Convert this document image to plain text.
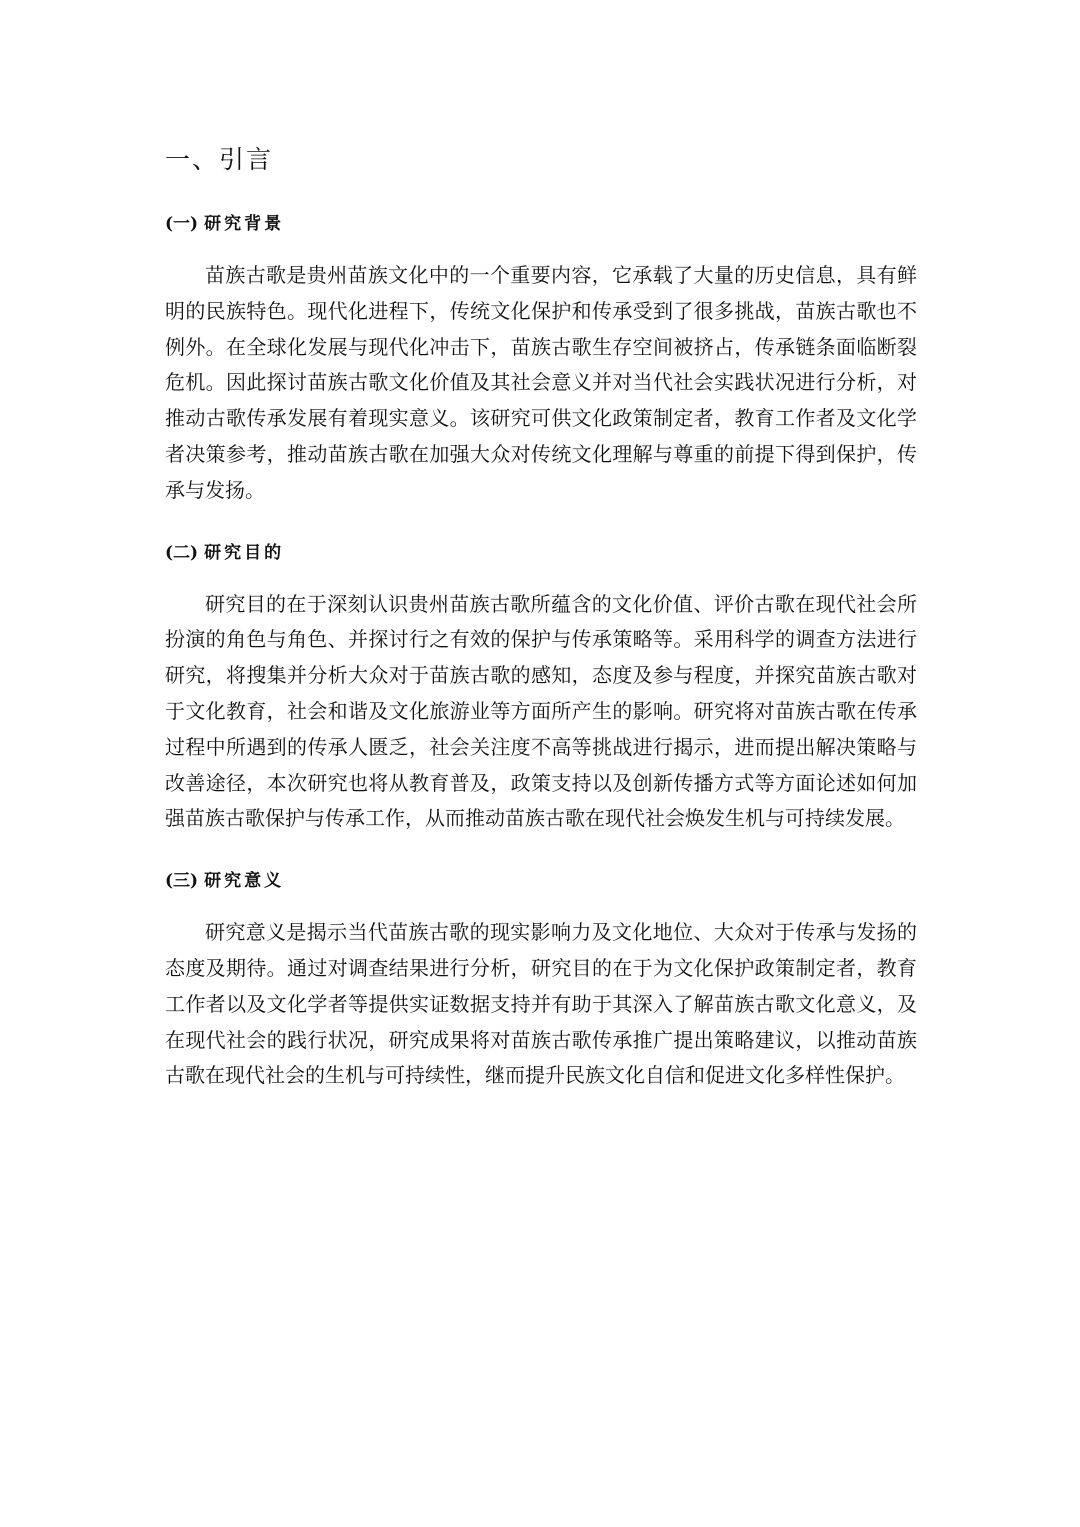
一、引言
(一) 研究背景

苗族古歌是贵州苗族文化中的一个重要内容，它承载了大量的历史信息，具有鲜明的民族特色。现代化进程下，传统文化保护和传承受到了很多挑战，苗族古歌也不例外。在全球化发展与现代化冲击下，苗族古歌生存空间被挤占，传承链条面临断裂危机。因此探讨苗族古歌文化价值及其社会意义并对当代社会实践状况进行分析，对推动古歌传承发展有着现实意义。该研究可供文化政策制定者，教育工作者及文化学者决策参考，推动苗族古歌在加强大众对传统文化理解与尊重的前提下得到保护，传承与发扬。

(二) 研究目的

研究目的在于深刻认识贵州苗族古歌所蕴含的文化价值、评价古歌在现代社会所扮演的角色与角色、并探讨行之有效的保护与传承策略等。采用科学的调查方法进行研究，将搜集并分析大众对于苗族古歌的感知，态度及参与程度，并探究苗族古歌对于文化教育，社会和谐及文化旅游业等方面所产生的影响。研究将对苗族古歌在传承过程中所遇到的传承人匮乏，社会关注度不高等挑战进行揭示，进而提出解决策略与改善途径，本次研究也将从教育普及，政策支持以及创新传播方式等方面论述如何加强苗族古歌保护与传承工作，从而推动苗族古歌在现代社会焕发生机与可持续发展。

(三) 研究意义

研究意义是揭示当代苗族古歌的现实影响力及文化地位、大众对于传承与发扬的态度及期待。通过对调查结果进行分析，研究目的在于为文化保护政策制定者，教育工作者以及文化学者等提供实证数据支持并有助于其深入了解苗族古歌文化意义，及在现代社会的践行状况，研究成果将对苗族古歌传承推广提出策略建议，以推动苗族古歌在现代社会的生机与可持续性，继而提升民族文化自信和促进文化多样性保护。
